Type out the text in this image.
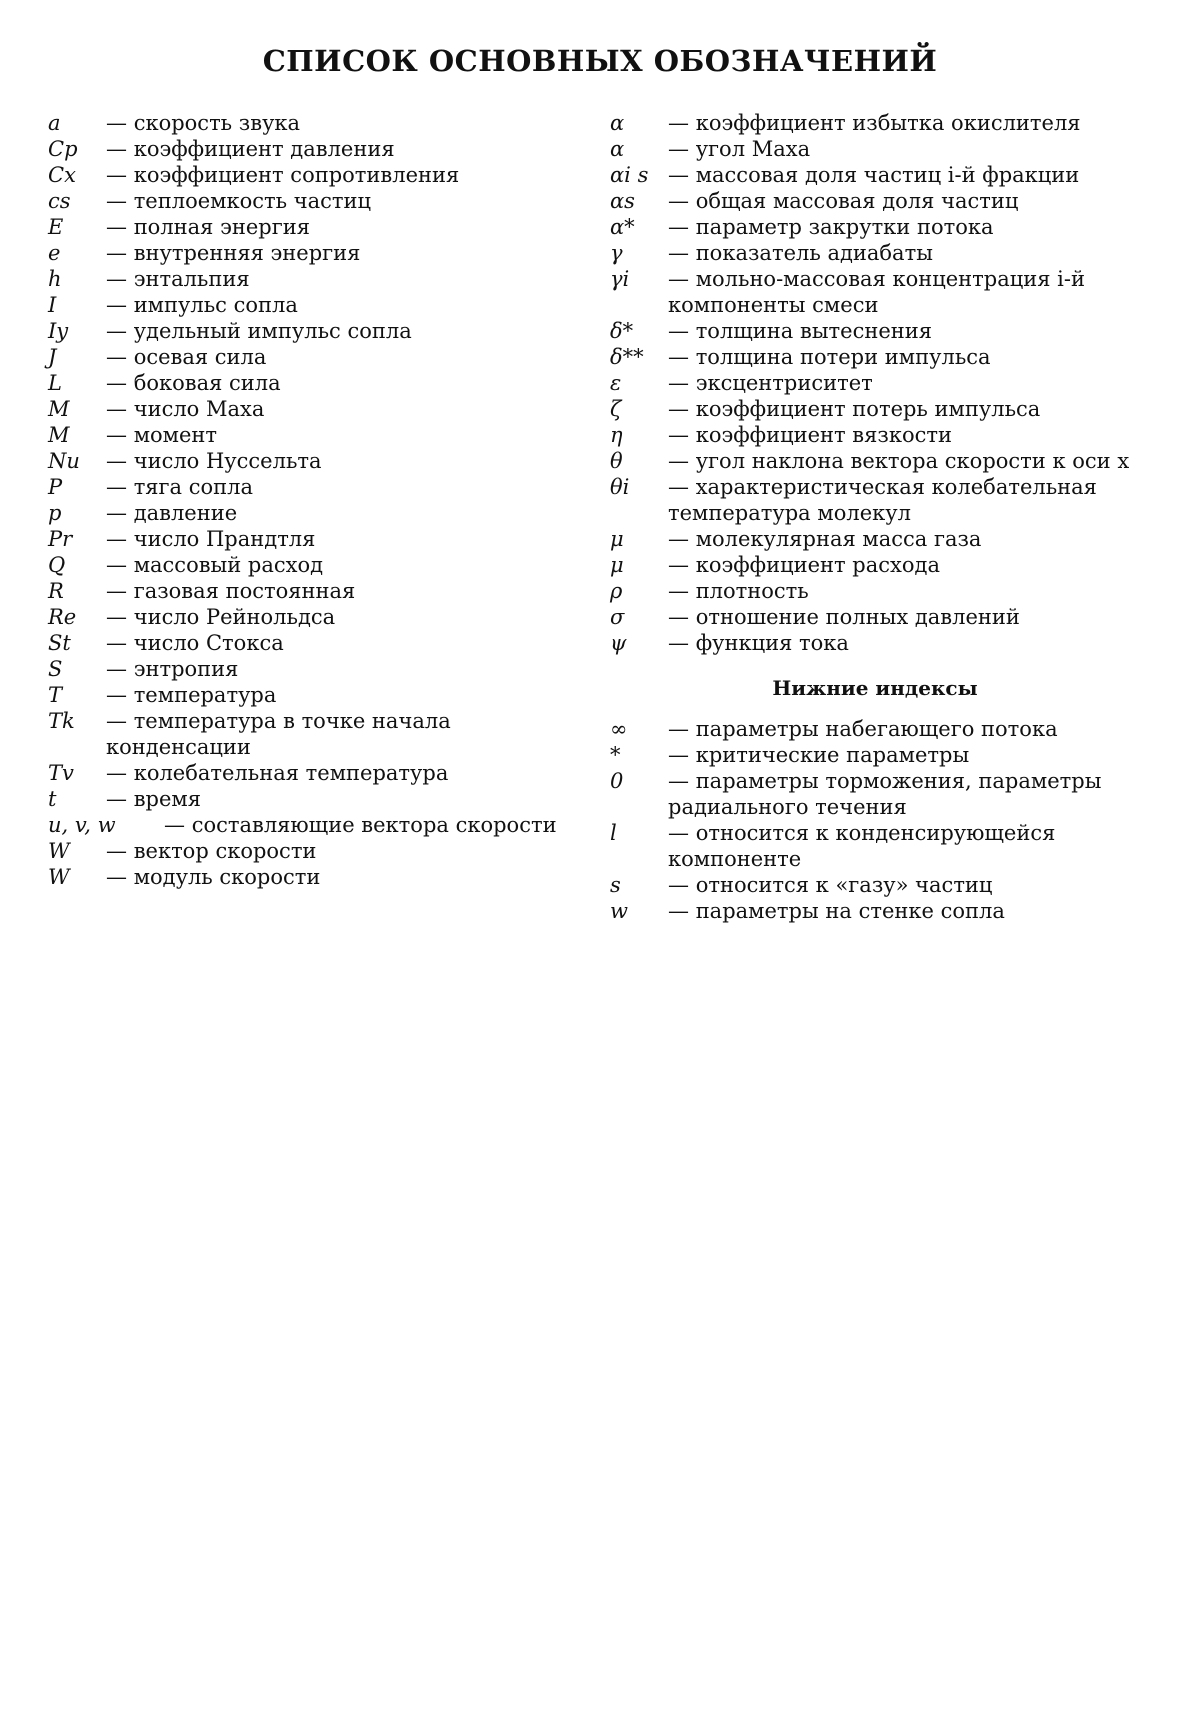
СПИСОК ОСНОВНЫХ ОБОЗНАЧЕНИЙ
a	— скорость звука
Cp	— коэффициент давления
Cx	— коэффициент сопротивления
cs	— теплоемкость частиц
E	— полная энергия
e	— внутренняя энергия
h	— энтальпия
I	— импульс сопла
Iу	— удельный импульс сопла
J	— осевая сила
L	— боковая сила
M	— число Маха
M	— момент
Nu	— число Нуссельта
P	— тяга сопла
p	— давление
Pr	— число Прандтля
Q	— массовый расход
R	— газовая постоянная
Re	— число Рейнольдса
St	— число Стокса
S	— энтропия
T	— температура
Tk	— температура в точке начала конденсации
Tv	— колебательная температура
t	— время
u, v, w	— составляющие вектора скорости
W	— вектор скорости
W	— модуль скорости
α	— коэффициент избытка окислителя
α	— угол Маха
αi s	— массовая доля частиц i-й фракции
αs	— общая массовая доля частиц
α*	— параметр закрутки потока
γ	— показатель адиабаты
γi	— мольно-массовая концентрация i-й компоненты смеси
δ*	— толщина вытеснения
δ**	— толщина потери импульса
ε	— эксцентриситет
ζ	— коэффициент потерь импульса
η	— коэффициент вязкости
θ	— угол наклона вектора скорости к оси x
θi	— характеристическая колебательная температура молекул
μ	— молекулярная масса газа
μ	— коэффициент расхода
ρ	— плотность
σ	— отношение полных давлений
ψ	— функция тока
Нижние индексы
∞	— параметры набегающего потока
*	— критические параметры
0	— параметры торможения, параметры радиального течения
l	— относится к конденсирующейся компоненте
s	— относится к «газу» частиц
w	— параметры на стенке сопла
